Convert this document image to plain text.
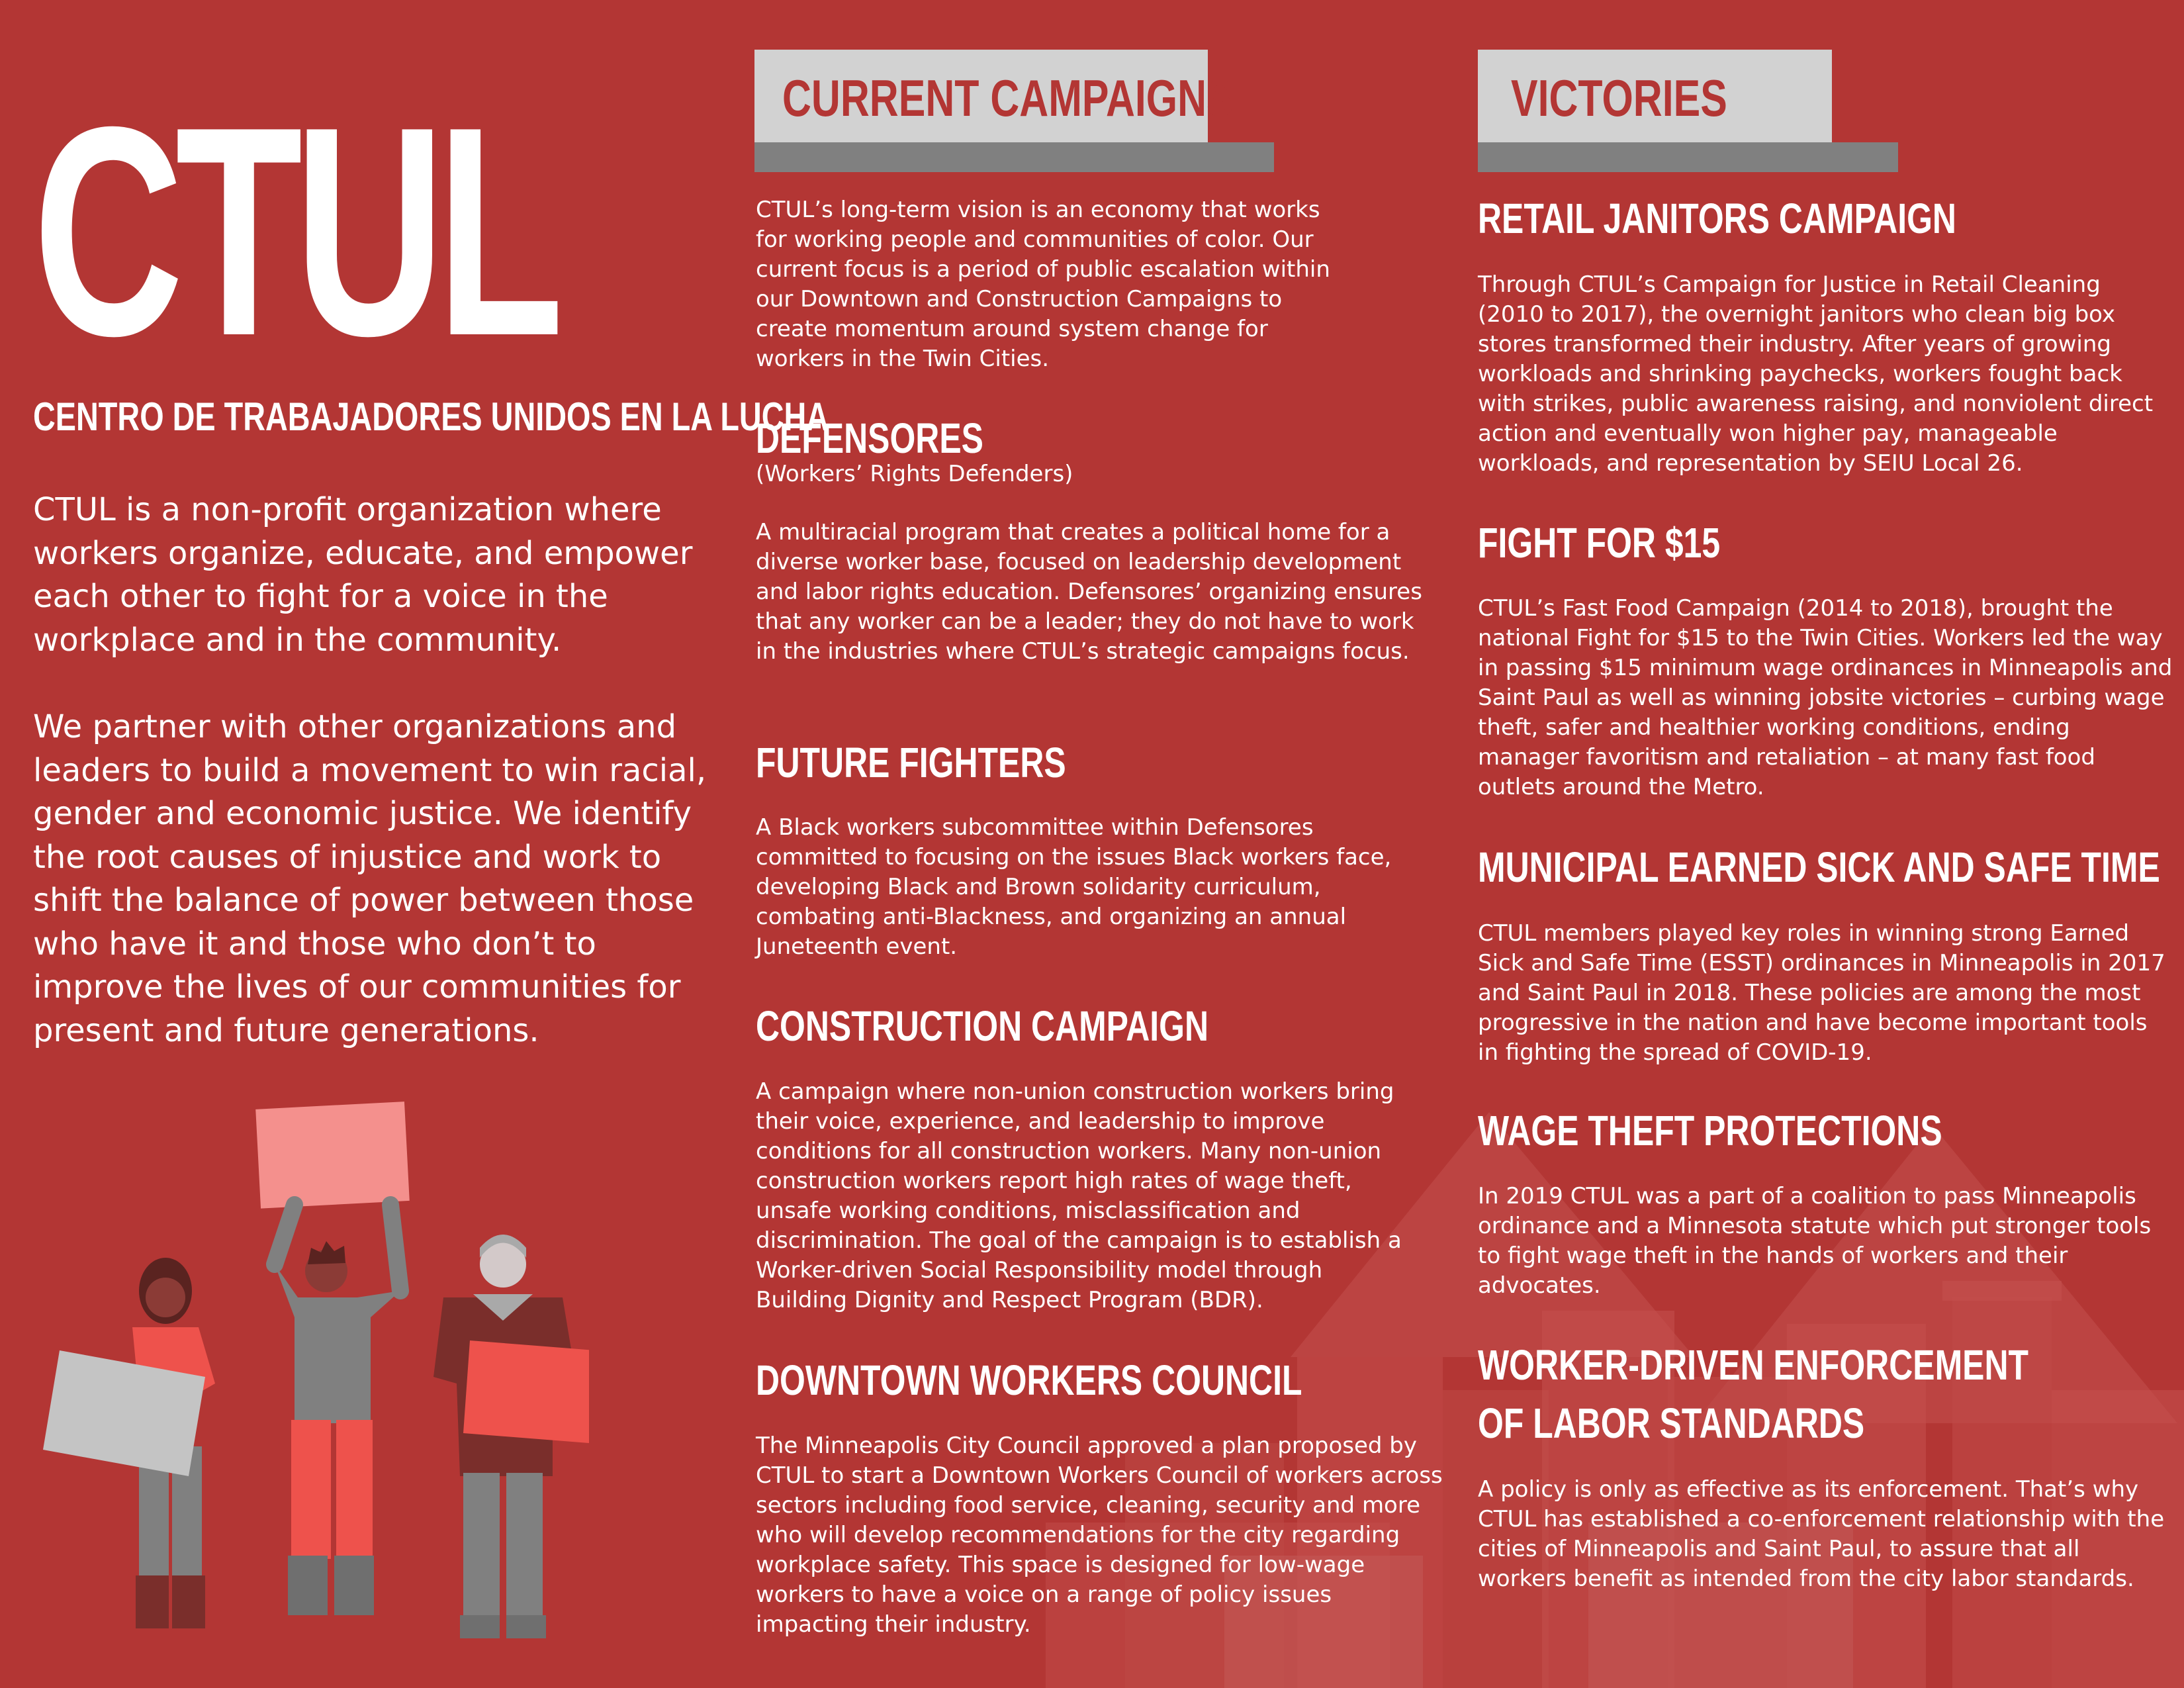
CTUL
CENTRO DE TRABAJADORES UNIDOS EN LA LUCHA

CTUL is a non-profit organization where workers organize, educate, and empower each other to fight for a voice in the workplace and in the community.

We partner with other organizations and leaders to build a movement to win racial, gender and economic justice. We identify the root causes of injustice and work to shift the balance of power between those who have it and those who don’t to improve the lives of our communities for present and future generations.

CURRENT CAMPAIGNS

CTUL’s long-term vision is an economy that works for working people and communities of color. Our current focus is a period of public escalation within our Downtown and Construction Campaigns to create momentum around system change for workers in the Twin Cities.

DEFENSORES

(Workers’ Rights Defenders)

A multiracial program that creates a political home for a diverse worker base, focused on leadership development and labor rights education. Defensores’ organizing ensures that any worker can be a leader; they do not have to work in the industries where CTUL’s strategic campaigns focus.

FUTURE FIGHTERS

A Black workers subcommittee within Defensores committed to focusing on the issues Black workers face, developing Black and Brown solidarity curriculum, combating anti-Blackness, and organizing an annual Juneteenth event.

CONSTRUCTION CAMPAIGN

A campaign where non-union construction workers bring their voice, experience, and leadership to improve conditions for all construction workers. Many non-union construction workers report high rates of wage theft, unsafe working conditions, misclassification and discrimination. The goal of the campaign is to establish a Worker-driven Social Responsibility model through Building Dignity and Respect Program (BDR).

DOWNTOWN WORKERS COUNCIL

The Minneapolis City Council approved a plan proposed by CTUL to start a Downtown Workers Council of workers across sectors including food service, cleaning, security and more who will develop recommendations for the city regarding workplace safety. This space is designed for low-wage workers to have a voice on a range of policy issues impacting their industry.

VICTORIES
RETAIL JANITORS CAMPAIGN

Through CTUL’s Campaign for Justice in Retail Cleaning (2010 to 2017), the overnight janitors who clean big box stores transformed their industry. After years of growing workloads and shrinking paychecks, workers fought back with strikes, public awareness raising, and nonviolent direct action and eventually won higher pay, manageable workloads, and representation by SEIU Local 26.

FIGHT FOR $15

CTUL’s Fast Food Campaign (2014 to 2018), brought the national Fight for $15 to the Twin Cities. Workers led the way in passing $15 minimum wage ordinances in Minneapolis and Saint Paul as well as winning jobsite victories – curbing wage theft, safer and healthier working conditions, ending manager favoritism and retaliation – at many fast food outlets around the Metro.

MUNICIPAL EARNED SICK AND SAFE TIME

CTUL members played key roles in winning strong Earned Sick and Safe Time (ESST) ordinances in Minneapolis in 2017 and Saint Paul in 2018. These policies are among the most progressive in the nation and have become important tools in fighting the spread of COVID-19.

WAGE THEFT PROTECTIONS

In 2019 CTUL was a part of a coalition to pass Minneapolis ordinance and a Minnesota statute which put stronger tools to fight wage theft in the hands of workers and their advocates.

WORKER-DRIVEN ENFORCEMENT
OF LABOR STANDARDS

A policy is only as effective as its enforcement. That’s why CTUL has established a co-enforcement relationship with the cities of Minneapolis and Saint Paul, to assure that all workers benefit as intended from the city labor standards.
